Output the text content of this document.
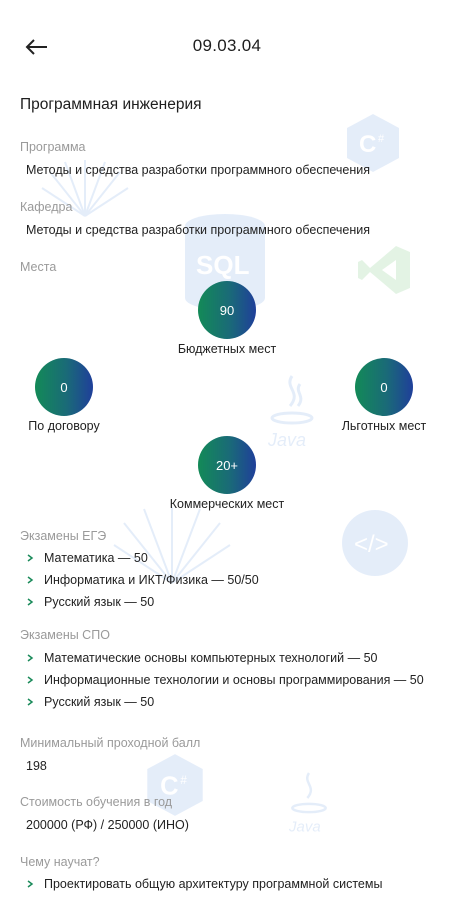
C #
SQL
Java
</>
C #
Java
09.03.04
Программная инженерия
Программа
Методы и средства разработки программного обеспечения
Кафедра
Методы и средства разработки программного обеспечения
Места
90
Бюджетных мест
0
По договору
0
Льготных мест
20+
Коммерческих мест
Экзамены ЕГЭ
Математика — 50
Информатика и ИКТ/Физика — 50/50
Русский язык — 50
Экзамены СПО
Математические основы компьютерных технологий — 50
Информационные технологии и основы программирования — 50
Русский язык — 50
Минимальный проходной балл
198
Стоимость обучения в год
200000 (РФ) / 250000 (ИНО)
Чему научат?
Проектировать общую архитектуру программной системы
